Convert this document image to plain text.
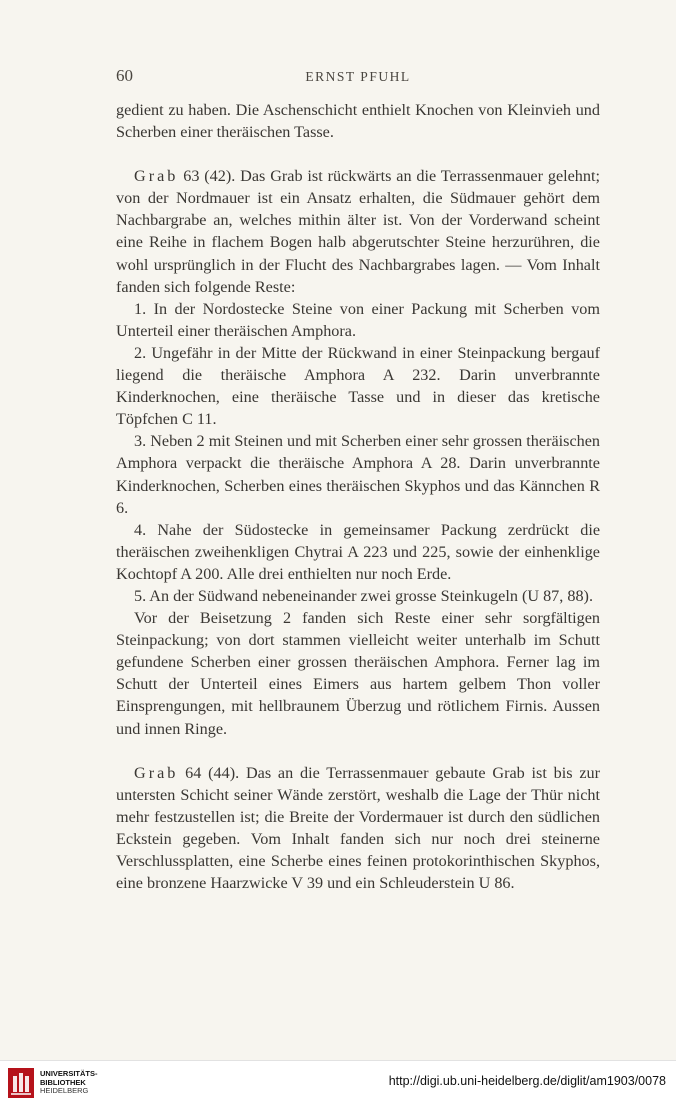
60	ERNST PFUHL

gedient zu haben. Die Aschenschicht enthielt Knochen von Kleinvieh und Scherben einer theräischen Tasse.

Grab 63 (42). Das Grab ist rückwärts an die Terrassenmauer gelehnt; von der Nordmauer ist ein Ansatz erhalten, die Südmauer gehört dem Nachbargrabe an, welches mithin älter ist. Von der Vorderwand scheint eine Reihe in flachem Bogen halb abgerutschter Steine herzurühren, die wohl ursprünglich in der Flucht des Nachbargrabes lagen. — Vom Inhalt fanden sich folgende Reste:

1. In der Nordostecke Steine von einer Packung mit Scherben vom Unterteil einer theräischen Amphora.

2. Ungefähr in der Mitte der Rückwand in einer Steinpackung bergauf liegend die theräische Amphora A 232. Darin unverbrannte Kinderknochen, eine theräische Tasse und in dieser das kretische Töpfchen C 11.

3. Neben 2 mit Steinen und mit Scherben einer sehr grossen theräischen Amphora verpackt die theräische Amphora A 28. Darin unverbrannte Kinderknochen, Scherben eines theräischen Skyphos und das Kännchen R 6.

4. Nahe der Südostecke in gemeinsamer Packung zerdrückt die theräischen zweihenkligen Chytrai A 223 und 225, sowie der einhenklige Kochtopf A 200. Alle drei enthielten nur noch Erde.

5. An der Südwand nebeneinander zwei grosse Steinkugeln (U 87, 88).

Vor der Beisetzung 2 fanden sich Reste einer sehr sorgfältigen Steinpackung; von dort stammen vielleicht weiter unterhalb im Schutt gefundene Scherben einer grossen theräischen Amphora. Ferner lag im Schutt der Unterteil eines Eimers aus hartem gelbem Thon voller Einsprengungen, mit hellbraunem Überzug und rötlichem Firnis. Aussen und innen Ringe.

Grab 64 (44). Das an die Terrassenmauer gebaute Grab ist bis zur untersten Schicht seiner Wände zerstört, weshalb die Lage der Thür nicht mehr festzustellen ist; die Breite der Vordermauer ist durch den südlichen Eckstein gegeben. Vom Inhalt fanden sich nur noch drei steinerne Verschlussplatten, eine Scherbe eines feinen protokorinthischen Skyphos, eine bronzene Haarzwicke V 39 und ein Schleuderstein U 86.

UNIVERSITÄTS-
BIBLIOTHEK
HEIDELBERG
http://digi.ub.uni-heidelberg.de/diglit/am1903/0078
